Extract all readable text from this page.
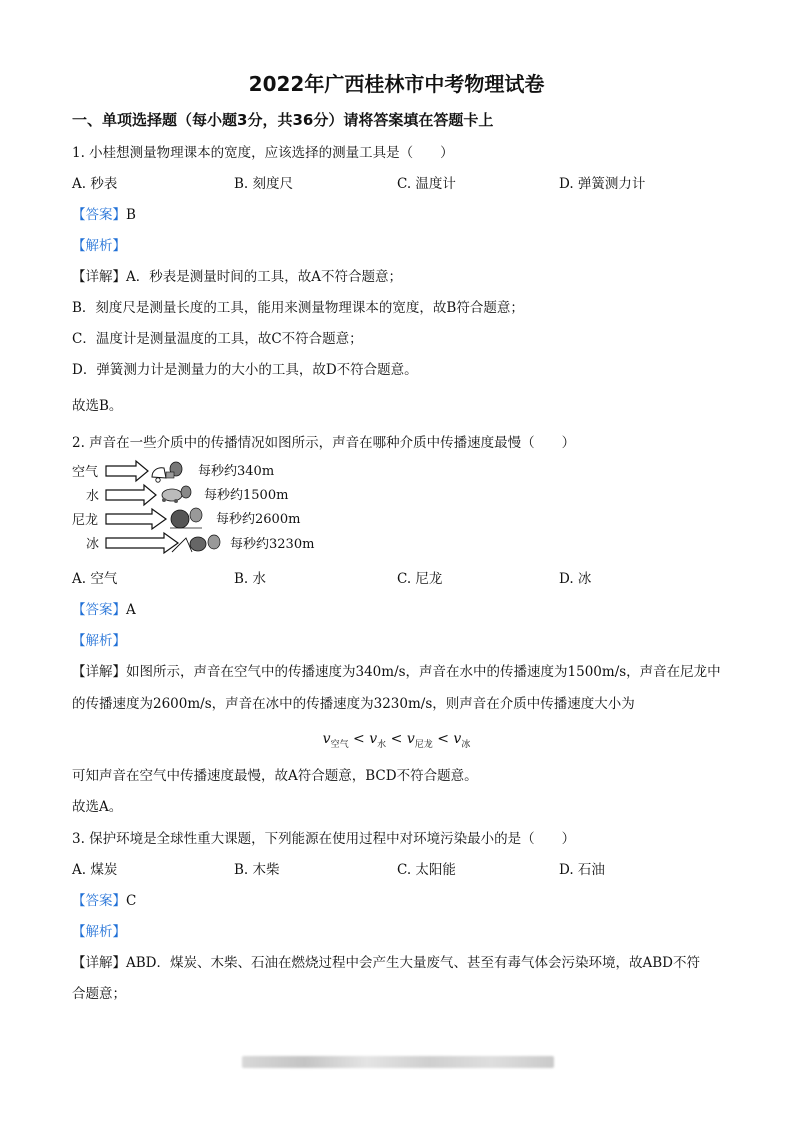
2022年广西桂林市中考物理试卷
一、单项选择题（每小题3分，共36分）请将答案填在答题卡上
1. 小桂想测量物理课本的宽度，应该选择的测量工具是（　　）
A. 秒表	B. 刻度尺	C. 温度计	D. 弹簧测力计
【答案】B
【解析】
【详解】A．秒表是测量时间的工具，故A不符合题意；
B．刻度尺是测量长度的工具，能用来测量物理课本的宽度，故B符合题意；
C．温度计是测量温度的工具，故C不符合题意；
D．弹簧测力计是测量力的大小的工具，故D不符合题意。
故选B。
2. 声音在一些介质中的传播情况如图所示，声音在哪种介质中传播速度最慢（　　）
空气	每秒约340m
水	每秒约1500m
尼龙	每秒约2600m
冰	每秒约3230m
A. 空气	B. 水	C. 尼龙	D. 冰
【答案】A
【解析】
【详解】如图所示，声音在空气中的传播速度为340m/s，声音在水中的传播速度为1500m/s，声音在尼龙中
的传播速度为2600m/s，声音在冰中的传播速度为3230m/s，则声音在介质中传播速度大小为
$v_{空气} < v_水 < v_{尼龙} < v_冰$
可知声音在空气中传播速度最慢，故A符合题意，BCD不符合题意。
故选A。
3. 保护环境是全球性重大课题，下列能源在使用过程中对环境污染最小的是（　　）
A. 煤炭	B. 木柴	C. 太阳能	D. 石油
【答案】C
【解析】
【详解】ABD．煤炭、木柴、石油在燃烧过程中会产生大量废气、甚至有毒气体会污染环境，故ABD不符
合题意；
